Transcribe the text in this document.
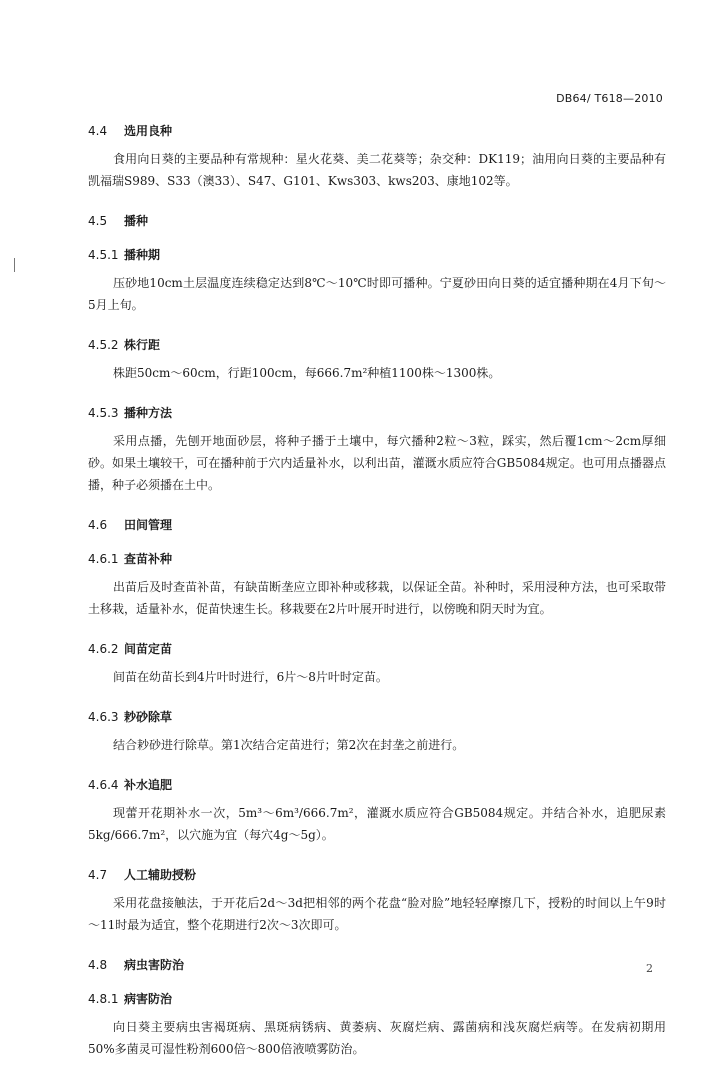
DB64/ T618—2010
4.4 选用良种

食用向日葵的主要品种有常规种：星火花葵、美二花葵等；杂交种：DK119；油用向日葵的主要品种有凯福瑞S989、S33（澳33）、S47、G101、Kws303、kws203、康地102等。

4.5 播种
4.5.1 播种期

压砂地10cm土层温度连续稳定达到8℃～10℃时即可播种。宁夏砂田向日葵的适宜播种期在4月下旬～5月上旬。

4.5.2 株行距

株距50cm～60cm，行距100cm，每666.7m²种植1100株～1300株。

4.5.3 播种方法

采用点播，先刨开地面砂层，将种子播于土壤中，每穴播种2粒～3粒，踩实，然后覆1cm～2cm厚细砂。如果土壤较干，可在播种前于穴内适量补水，以利出苗，灌溉水质应符合GB5084规定。也可用点播器点播，种子必须播在土中。

4.6 田间管理
4.6.1 查苗补种

出苗后及时查苗补苗，有缺苗断垄应立即补种或移栽，以保证全苗。补种时，采用浸种方法，也可采取带土移栽，适量补水，促苗快速生长。移栽要在2片叶展开时进行，以傍晚和阴天时为宜。

4.6.2 间苗定苗

间苗在幼苗长到4片叶时进行，6片～8片叶时定苗。

4.6.3 耖砂除草

结合耖砂进行除草。第1次结合定苗进行；第2次在封垄之前进行。

4.6.4 补水追肥

现蕾开花期补水一次，5m³～6m³/666.7m²，灌溉水质应符合GB5084规定。并结合补水，追肥尿素5kg/666.7m²，以穴施为宜（每穴4g～5g）。

4.7 人工辅助授粉

采用花盘接触法，于开花后2d～3d把相邻的两个花盘“脸对脸”地轻轻摩擦几下，授粉的时间以上午9时～11时最为适宜，整个花期进行2次～3次即可。

4.8 病虫害防治
4.8.1 病害防治

向日葵主要病虫害褐斑病、黑斑病锈病、黄萎病、灰腐烂病、露菌病和浅灰腐烂病等。在发病初期用50%多菌灵可湿性粉剂600倍～800倍液喷雾防治。

2
